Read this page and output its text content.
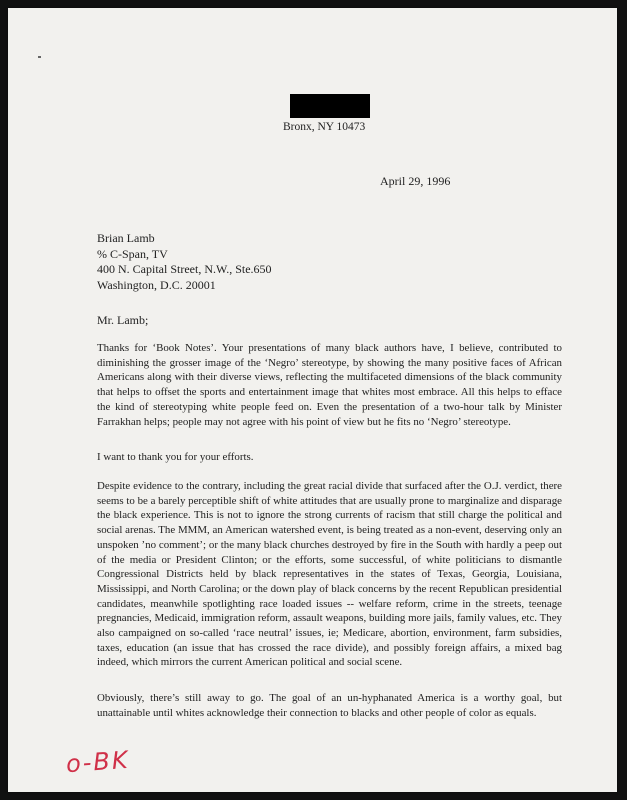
Bronx, NY 10473
April 29, 1996
Brian Lamb
% C-Span, TV
400 N. Capital Street, N.W., Ste.650
Washington, D.C. 20001
Mr. Lamb;
Thanks for ‘Book Notes’. Your presentations of many black authors have, I believe, contributed to diminishing the grosser image of the ‘Negro’ stereotype, by showing the many positive faces of African Americans along with their diverse views, reflecting the multifaceted dimensions of the black community that helps to offset the sports and entertainment image that whites most embrace. All this helps to efface the kind of stereotyping white people feed on. Even the presentation of a two-hour talk by Minister Farrakhan helps; people may not agree with his point of view but he fits no ‘Negro’ stereotype.
I want to thank you for your efforts.
Despite evidence to the contrary, including the great racial divide that surfaced after the O.J. verdict, there seems to be a barely perceptible shift of white attitudes that are usually prone to marginalize and disparage the black experience. This is not to ignore the strong currents of racism that still charge the political and social arenas. The MMM, an American watershed event, is being treated as a non-event, deserving only an unspoken ’no comment’; or the many black churches destroyed by fire in the South with hardly a peep out of the media or President Clinton; or the efforts, some successful, of white politicians to dismantle Congressional Districts held by black representatives in the states of Texas, Georgia, Louisiana, Mississippi, and North Carolina; or the down play of black concerns by the recent Republican presidential candidates, meanwhile spotlighting race loaded issues -- welfare reform, crime in the streets, teenage pregnancies, Medicaid, immigration reform, assault weapons, building more jails, family values, etc. They also campaigned on so-called ‘race neutral’ issues, ie; Medicare, abortion, environment, farm subsidies, taxes, education (an issue that has crossed the race divide), and possibly foreign affairs, a mixed bag indeed, which mirrors the current American political and social scene.
Obviously, there’s still away to go. The goal of an un-hyphanated America is a worthy goal, but unattainable until whites acknowledge their connection to blacks and other people of color as equals.
o-BK
